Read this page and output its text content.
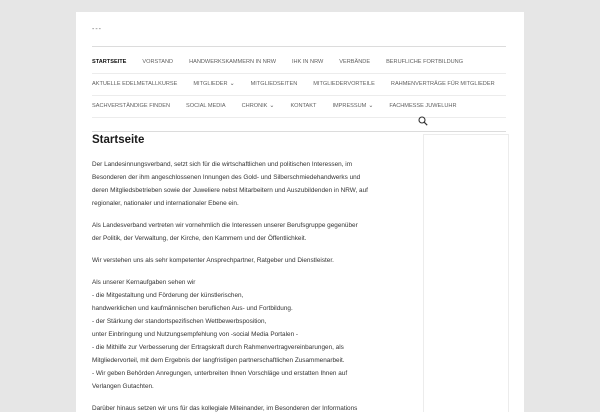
---
STARTSEITE	VORSTAND	HANDWERKSKAMMERN IN NRW	IHK IN NRW	VERBÄNDE	BERUFLICHE FORTBILDUNG
AKTUELLE EDELMETALLKURSE	MITGLIEDER ⌄	MITGLIEDSEITEN	MITGLIEDERVORTEILE	RAHMENVERTRÄGE FÜR MITGLIEDER
SACHVERSTÄNDIGE FINDEN	SOCIAL MEDIA	CHRONIK ⌄	KONTAKT	IMPRESSUM ⌄	FACHMESSE JUWELUHR
Startseite

Der Landesinnungsverband, setzt sich für die wirtschaftlichen und politischen Interessen, im
Besonderen der ihm angeschlossenen Innungen des Gold- und Silberschmiedehandwerks und
deren Mitgliedsbetrieben sowie der Juweliere nebst Mitarbeitern und Auszubildenden in NRW, auf
regionaler, nationaler und internationaler Ebene ein.

Als Landesverband vertreten wir vornehmlich die Interessen unserer Berufsgruppe gegenüber
der Politik, der Verwaltung, der Kirche, den Kammern und der Öffentlichkeit.

Wir verstehen uns als sehr kompetenter Ansprechpartner, Ratgeber und Dienstleister.

Als unserer Kernaufgaben sehen wir
- die Mitgestaltung und Förderung der künstlerischen,
handwerklichen und kaufmännischen beruflichen Aus- und Fortbildung.
- der Stärkung der standortspezifischen Wettbewerbsposition,
unter Einbringung und Nutzungsempfehlung von -social Media Portalen -
- die Mithilfe zur Verbesserung der Ertragskraft durch Rahmenvertragvereinbarungen, als
Mitgliedervorteil, mit dem Ergebnis der langfristigen partnerschaftlichen Zusammenarbeit.
- Wir geben Behörden Anregungen, unterbreiten Ihnen Vorschläge und erstatten Ihnen auf
Verlangen Gutachten.

Darüber hinaus setzen wir uns für das kollegiale Miteinander, im Besonderen der Informations
